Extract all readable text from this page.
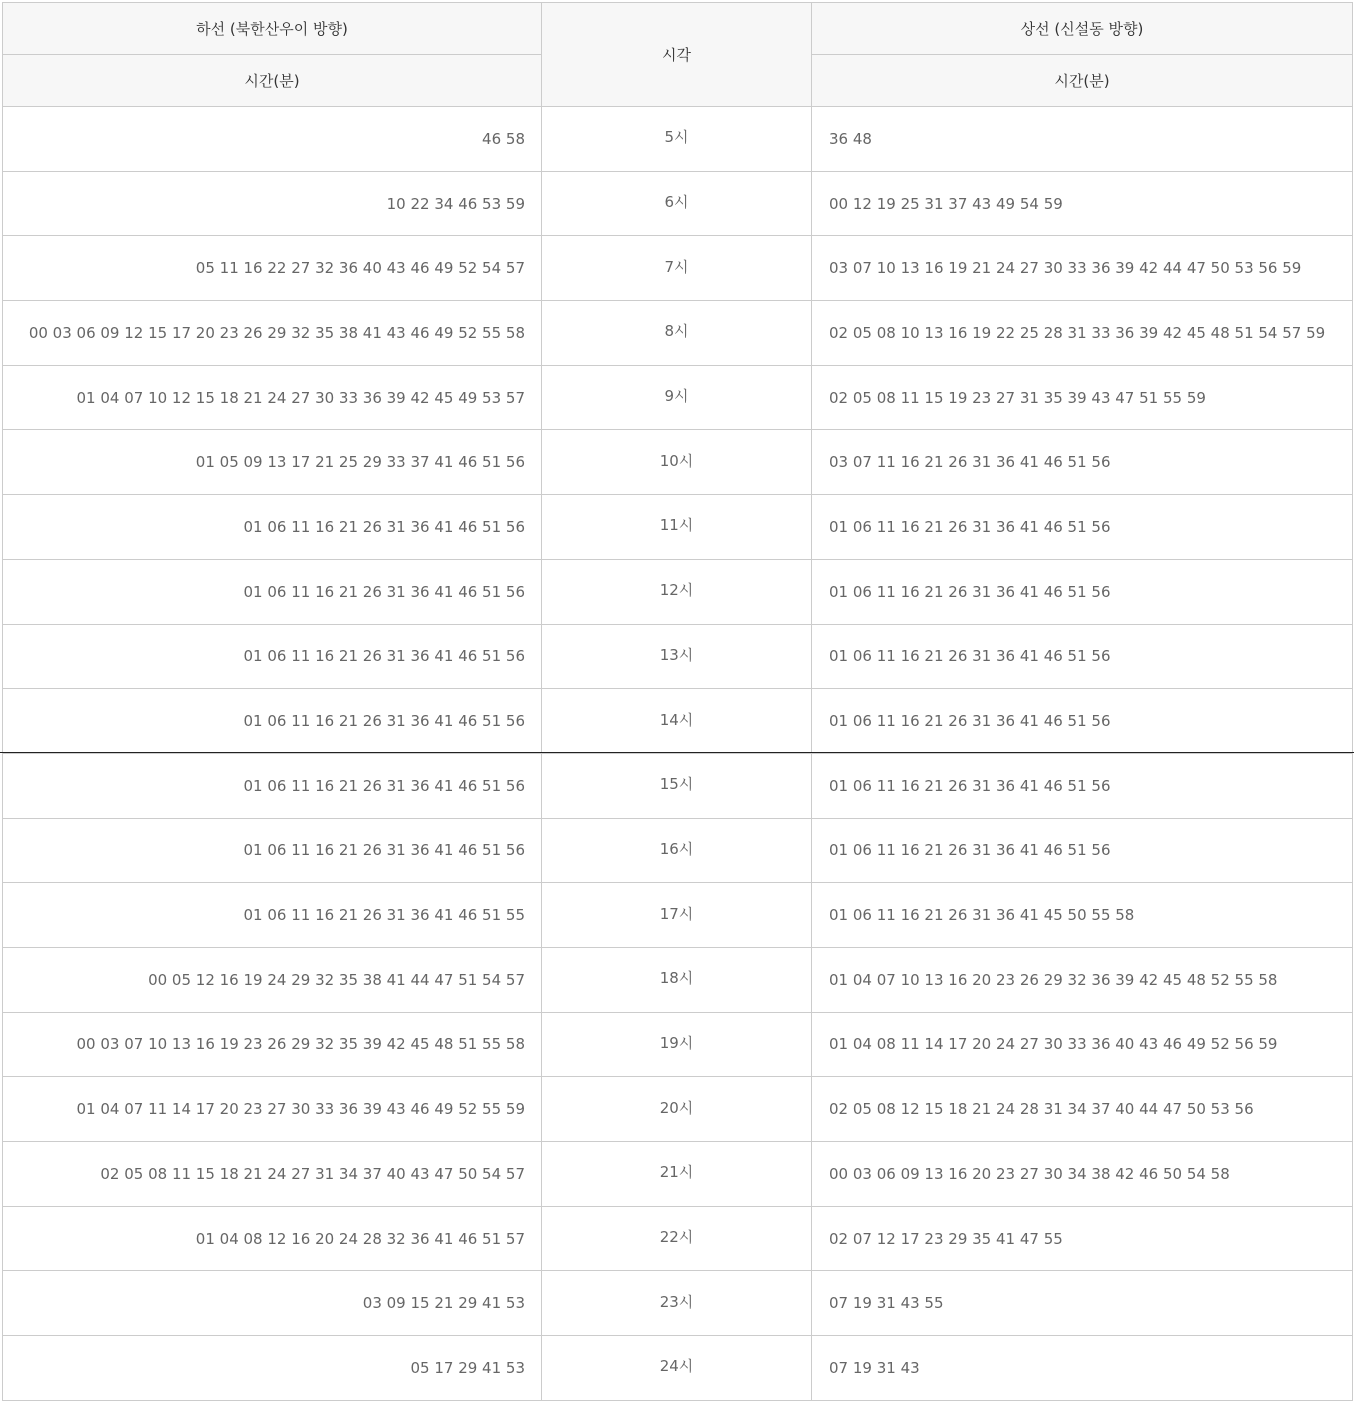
하선 (북한산우이 방향)	시각	상선 (신설동 방향)
시간(분)		시간(분)
46 58	5시	36 48
10 22 34 46 53 59	6시	00 12 19 25 31 37 43 49 54 59
05 11 16 22 27 32 36 40 43 46 49 52 54 57	7시	03 07 10 13 16 19 21 24 27 30 33 36 39 42 44 47 50 53 56 59
00 03 06 09 12 15 17 20 23 26 29 32 35 38 41 43 46 49 52 55 58	8시	02 05 08 10 13 16 19 22 25 28 31 33 36 39 42 45 48 51 54 57 59
01 04 07 10 12 15 18 21 24 27 30 33 36 39 42 45 49 53 57	9시	02 05 08 11 15 19 23 27 31 35 39 43 47 51 55 59
01 05 09 13 17 21 25 29 33 37 41 46 51 56	10시	03 07 11 16 21 26 31 36 41 46 51 56
01 06 11 16 21 26 31 36 41 46 51 56	11시	01 06 11 16 21 26 31 36 41 46 51 56
01 06 11 16 21 26 31 36 41 46 51 56	12시	01 06 11 16 21 26 31 36 41 46 51 56
01 06 11 16 21 26 31 36 41 46 51 56	13시	01 06 11 16 21 26 31 36 41 46 51 56
01 06 11 16 21 26 31 36 41 46 51 56	14시	01 06 11 16 21 26 31 36 41 46 51 56
01 06 11 16 21 26 31 36 41 46 51 56	15시	01 06 11 16 21 26 31 36 41 46 51 56
01 06 11 16 21 26 31 36 41 46 51 56	16시	01 06 11 16 21 26 31 36 41 46 51 56
01 06 11 16 21 26 31 36 41 46 51 55	17시	01 06 11 16 21 26 31 36 41 45 50 55 58
00 05 12 16 19 24 29 32 35 38 41 44 47 51 54 57	18시	01 04 07 10 13 16 20 23 26 29 32 36 39 42 45 48 52 55 58
00 03 07 10 13 16 19 23 26 29 32 35 39 42 45 48 51 55 58	19시	01 04 08 11 14 17 20 24 27 30 33 36 40 43 46 49 52 56 59
01 04 07 11 14 17 20 23 27 30 33 36 39 43 46 49 52 55 59	20시	02 05 08 12 15 18 21 24 28 31 34 37 40 44 47 50 53 56
02 05 08 11 15 18 21 24 27 31 34 37 40 43 47 50 54 57	21시	00 03 06 09 13 16 20 23 27 30 34 38 42 46 50 54 58
01 04 08 12 16 20 24 28 32 36 41 46 51 57	22시	02 07 12 17 23 29 35 41 47 55
03 09 15 21 29 41 53	23시	07 19 31 43 55
05 17 29 41 53	24시	07 19 31 43
